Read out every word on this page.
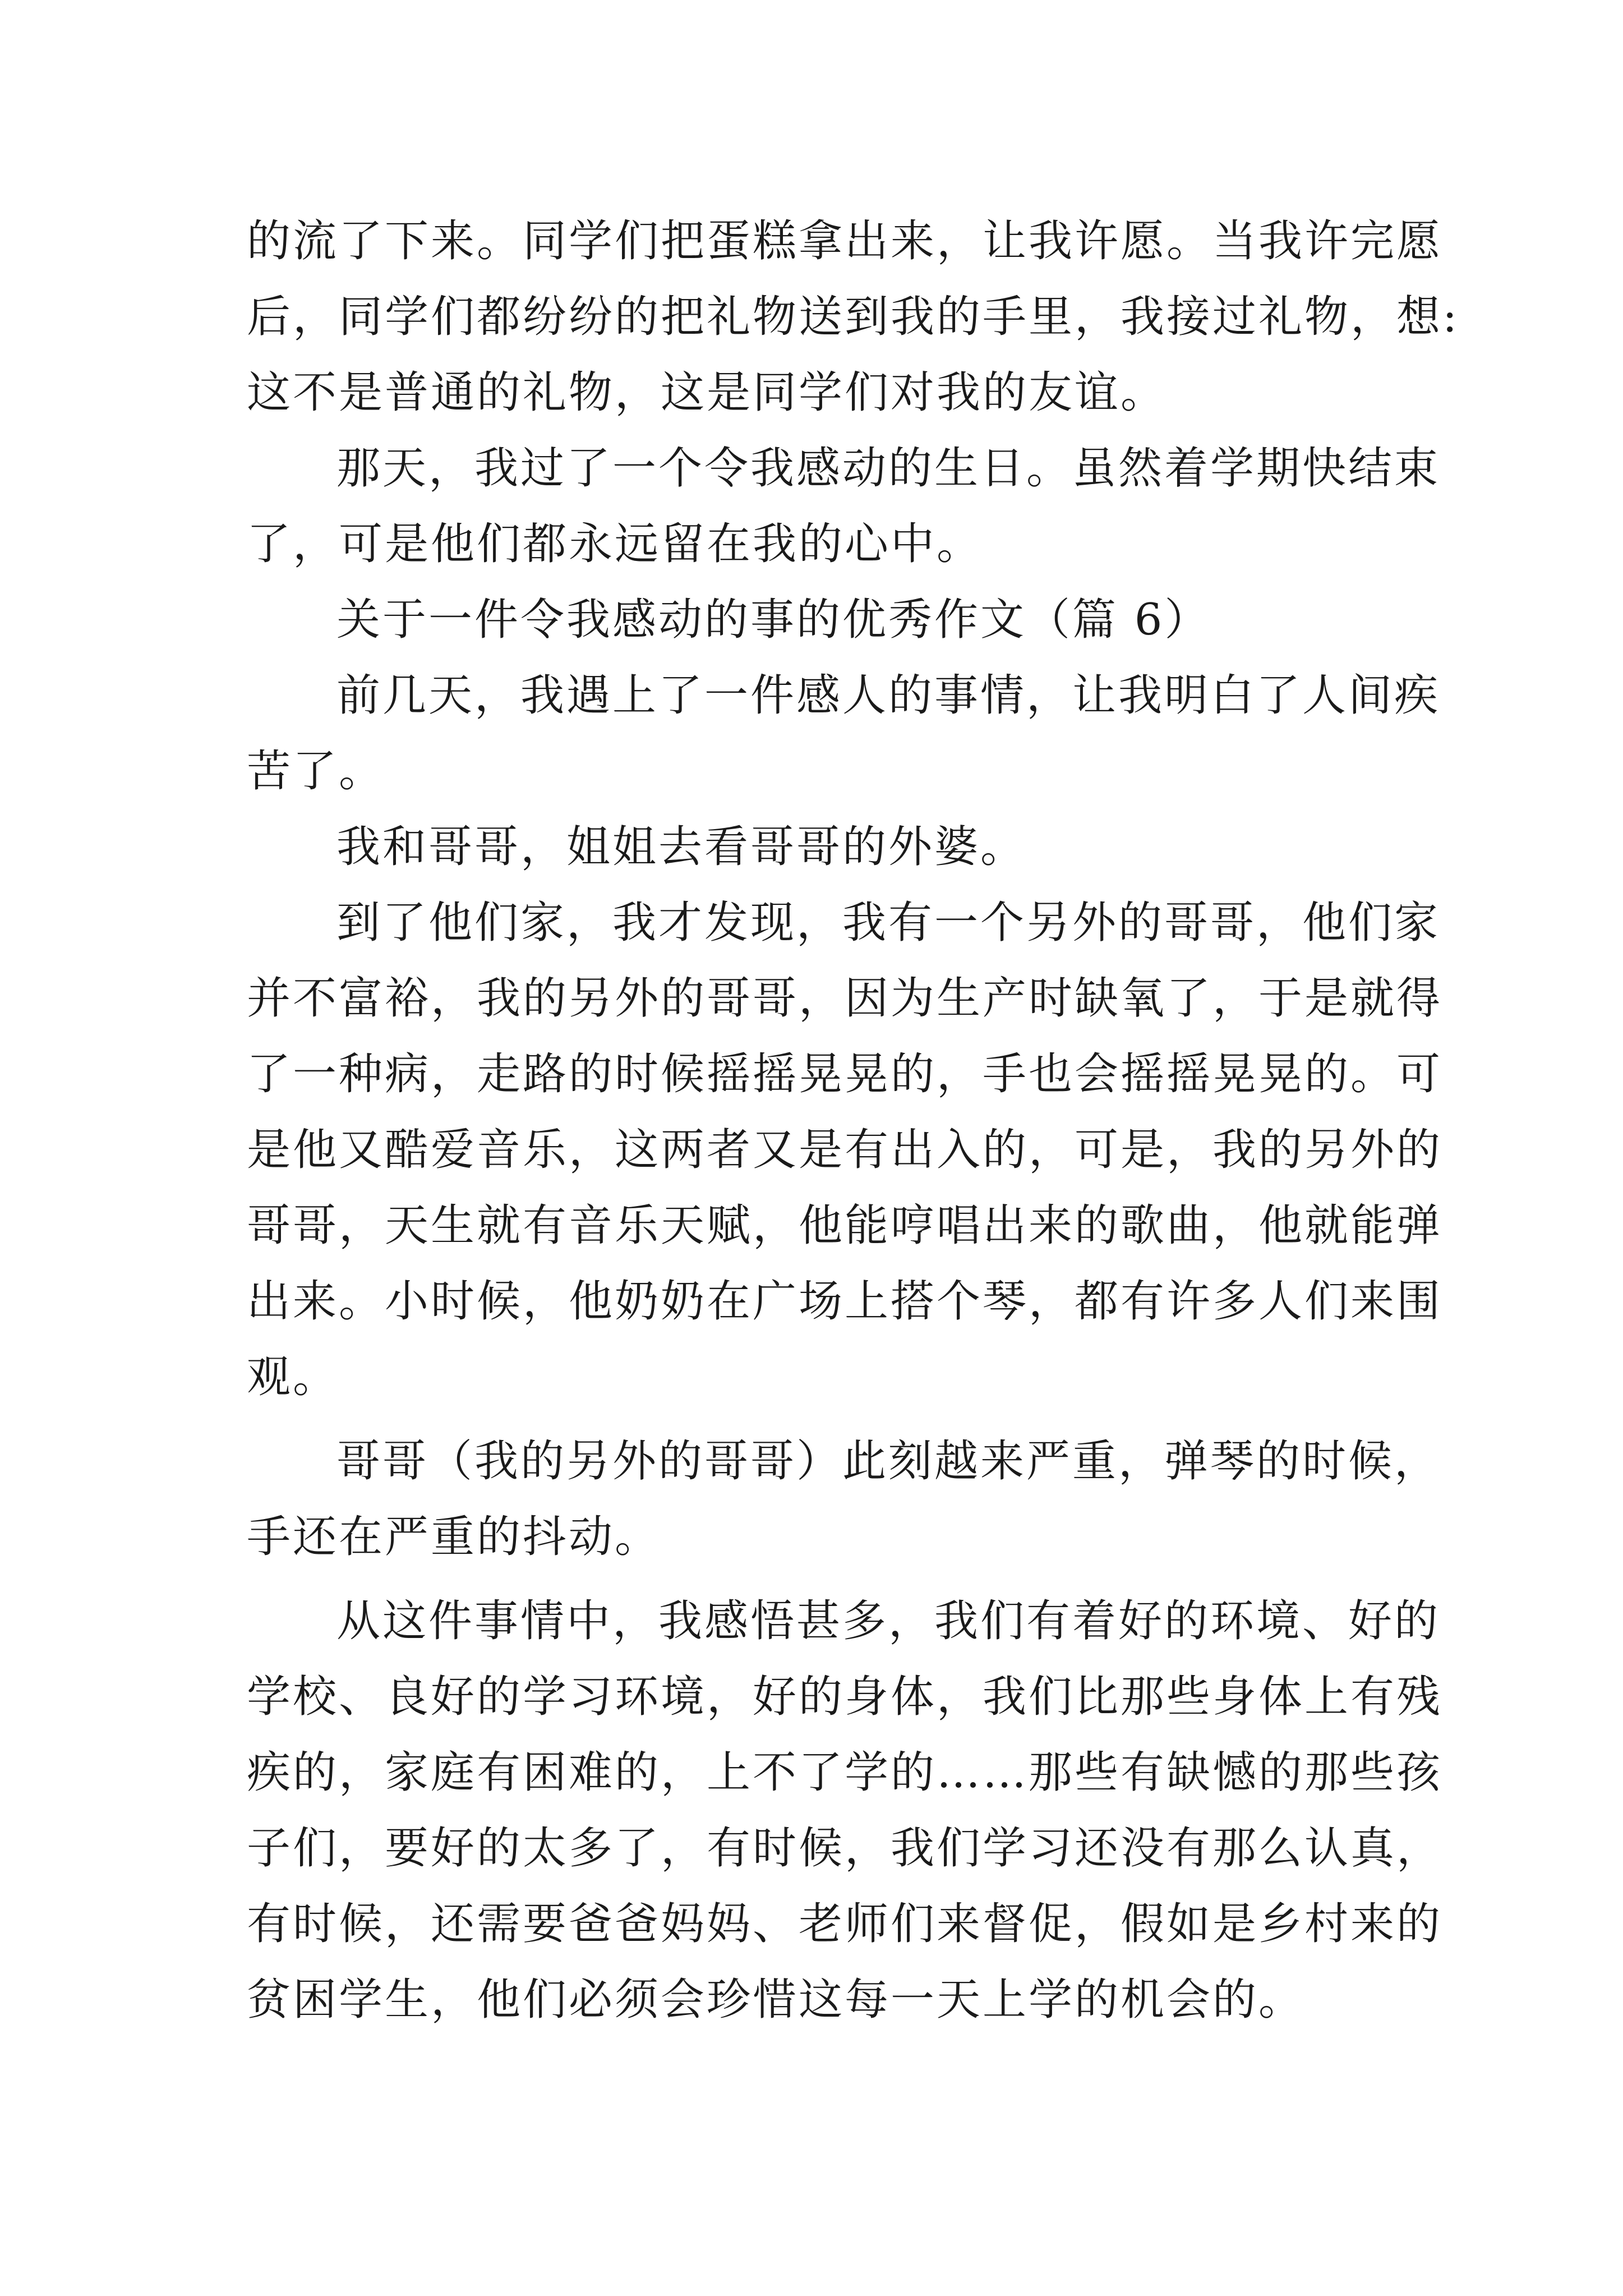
的流了下来。同学们把蛋糕拿出来，让我许愿。当我许完愿
后，同学们都纷纷的把礼物送到我的手里，我接过礼物，想:
这不是普通的礼物，这是同学们对我的友谊。
那天，我过了一个令我感动的生日。虽然着学期快结束
了，可是他们都永远留在我的心中。
关于一件令我感动的事的优秀作文（篇 6）
前几天，我遇上了一件感人的事情，让我明白了人间疾
苦了。
我和哥哥，姐姐去看哥哥的外婆。
到了他们家，我才发现，我有一个另外的哥哥，他们家
并不富裕，我的另外的哥哥，因为生产时缺氧了，于是就得
了一种病，走路的时候摇摇晃晃的，手也会摇摇晃晃的。可
是他又酷爱音乐，这两者又是有出入的，可是，我的另外的
哥哥，天生就有音乐天赋，他能哼唱出来的歌曲，他就能弹
出来。小时候，他奶奶在广场上搭个琴，都有许多人们来围
观。
哥哥（我的另外的哥哥）此刻越来严重，弹琴的时候，
手还在严重的抖动。
从这件事情中，我感悟甚多，我们有着好的环境、好的
学校、良好的学习环境，好的身体，我们比那些身体上有残
疾的，家庭有困难的，上不了学的……那些有缺憾的那些孩
子们，要好的太多了，有时候，我们学习还没有那么认真，
有时候，还需要爸爸妈妈、老师们来督促，假如是乡村来的
贫困学生，他们必须会珍惜这每一天上学的机会的。
